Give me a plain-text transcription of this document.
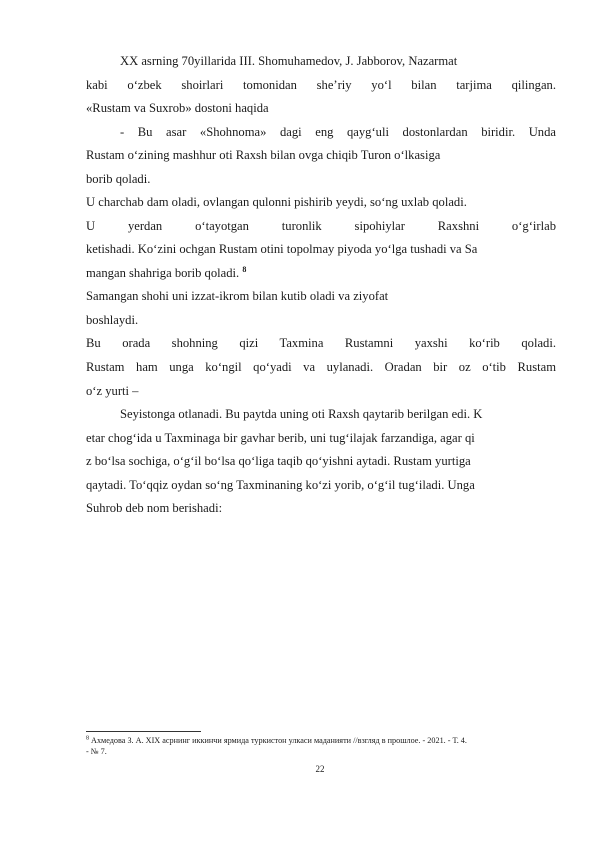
XX asrning 70yillarida III. Shomuhamedov, J. Jabborov, Nazarmat
kabi o‘zbek shoirlari tomonidan she’riy yo‘l bilan tarjima qilingan.
«Rustam va Suxrob» dostoni haqida
- Bu asar «Shohnoma» dagi eng qayg‘uli dostonlardan biridir. Unda
Rustam o‘zining mashhur oti Raxsh bilan ovga chiqib Turon o‘lkasiga
borib qoladi.
U charchab dam oladi, ovlangan qulonni pishirib yeydi, so‘ng uxlab qoladi.
U yerdan o‘tayotgan turonlik sipohiylar Raxshni o‘g‘irlab
ketishadi. Ko‘zini ochgan Rustam otini topolmay piyoda yo‘lga tushadi va Sa
mangan shahriga borib qoladi. $^8$
Samangan shohi uni izzat-ikrom bilan kutib oladi va ziyofat
boshlaydi.
Bu orada shohning qizi Taxmina Rustamni yaxshi ko‘rib qoladi.
Rustam ham unga ko‘ngil qo‘yadi va uylanadi. Oradan bir oz o‘tib Rustam
o‘z yurti –
Seyistonga otlanadi. Bu paytda uning oti Raxsh qaytarib berilgan edi. K
etar chog‘ida u Taxminaga bir gavhar berib, uni tug‘ilajak farzandiga, agar qi
z bo‘lsa sochiga, o‘g‘il bo‘lsa qo‘liga taqib qo‘yishni aytadi. Rustam yurtiga
qaytadi. To‘qqiz oydan so‘ng Taxminaning ko‘zi yorib, o‘g‘il tug‘iladi. Unga
Suhrob deb nom berishadi:
$^8$ Ахмедова З. А. XIX асрнинг иккинчи ярмида туркистон улкаси маданияти //взгляд в прошлое. - 2021. - Т. 4.
- № 7.
22
